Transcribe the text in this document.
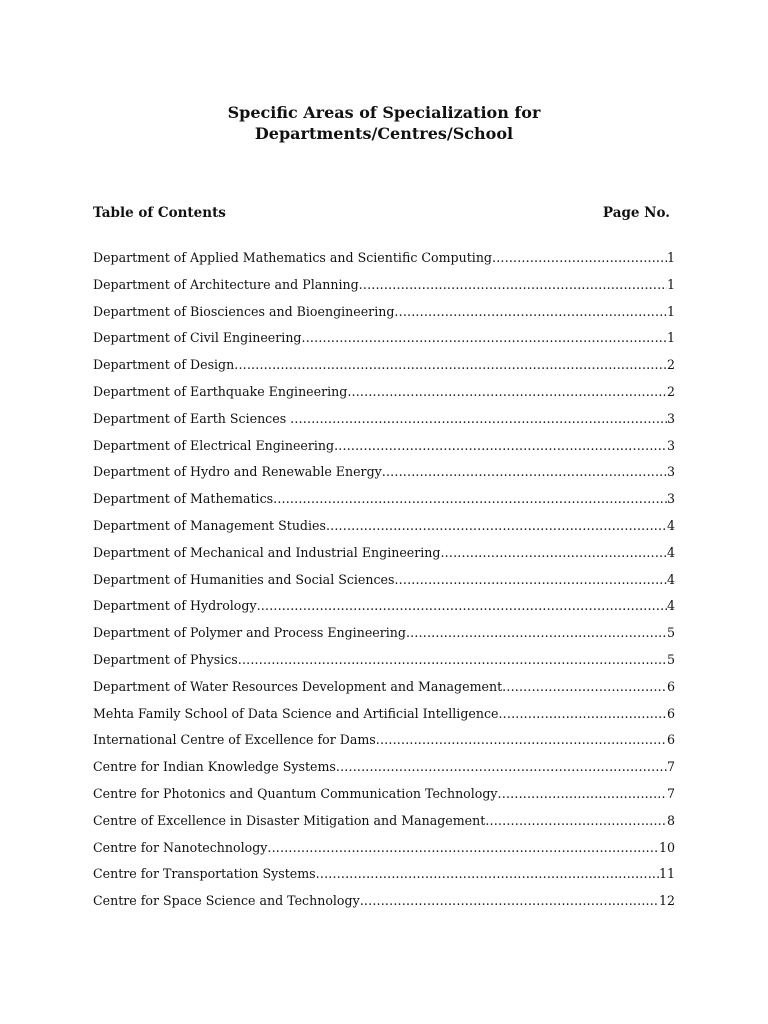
Specific Areas of Specialization for
Departments/Centres/School
Table of Contents	Page No.
Department of Applied Mathematics and Scientific Computing .....	1
Department of Architecture and Planning .....	1
Department of Biosciences and Bioengineering .....	1
Department of Civil Engineering .....	1
Department of Design .....	2
Department of Earthquake Engineering .....	2
Department of Earth Sciences .....	3
Department of Electrical Engineering .....	3
Department of Hydro and Renewable Energy .....	3
Department of Mathematics .....	3
Department of Management Studies .....	4
Department of Mechanical and Industrial Engineering .....	4
Department of Humanities and Social Sciences .....	4
Department of Hydrology .....	4
Department of Polymer and Process Engineering .....	5
Department of Physics .....	5
Department of Water Resources Development and Management .....	6
Mehta Family School of Data Science and Artificial Intelligence .....	6
International Centre of Excellence for Dams .....	6
Centre for Indian Knowledge Systems .....	7
Centre for Photonics and Quantum Communication Technology .....	7
Centre of Excellence in Disaster Mitigation and Management .....	8
Centre for Nanotechnology .....	10
Centre for Transportation Systems .....	11
Centre for Space Science and Technology .....	12
